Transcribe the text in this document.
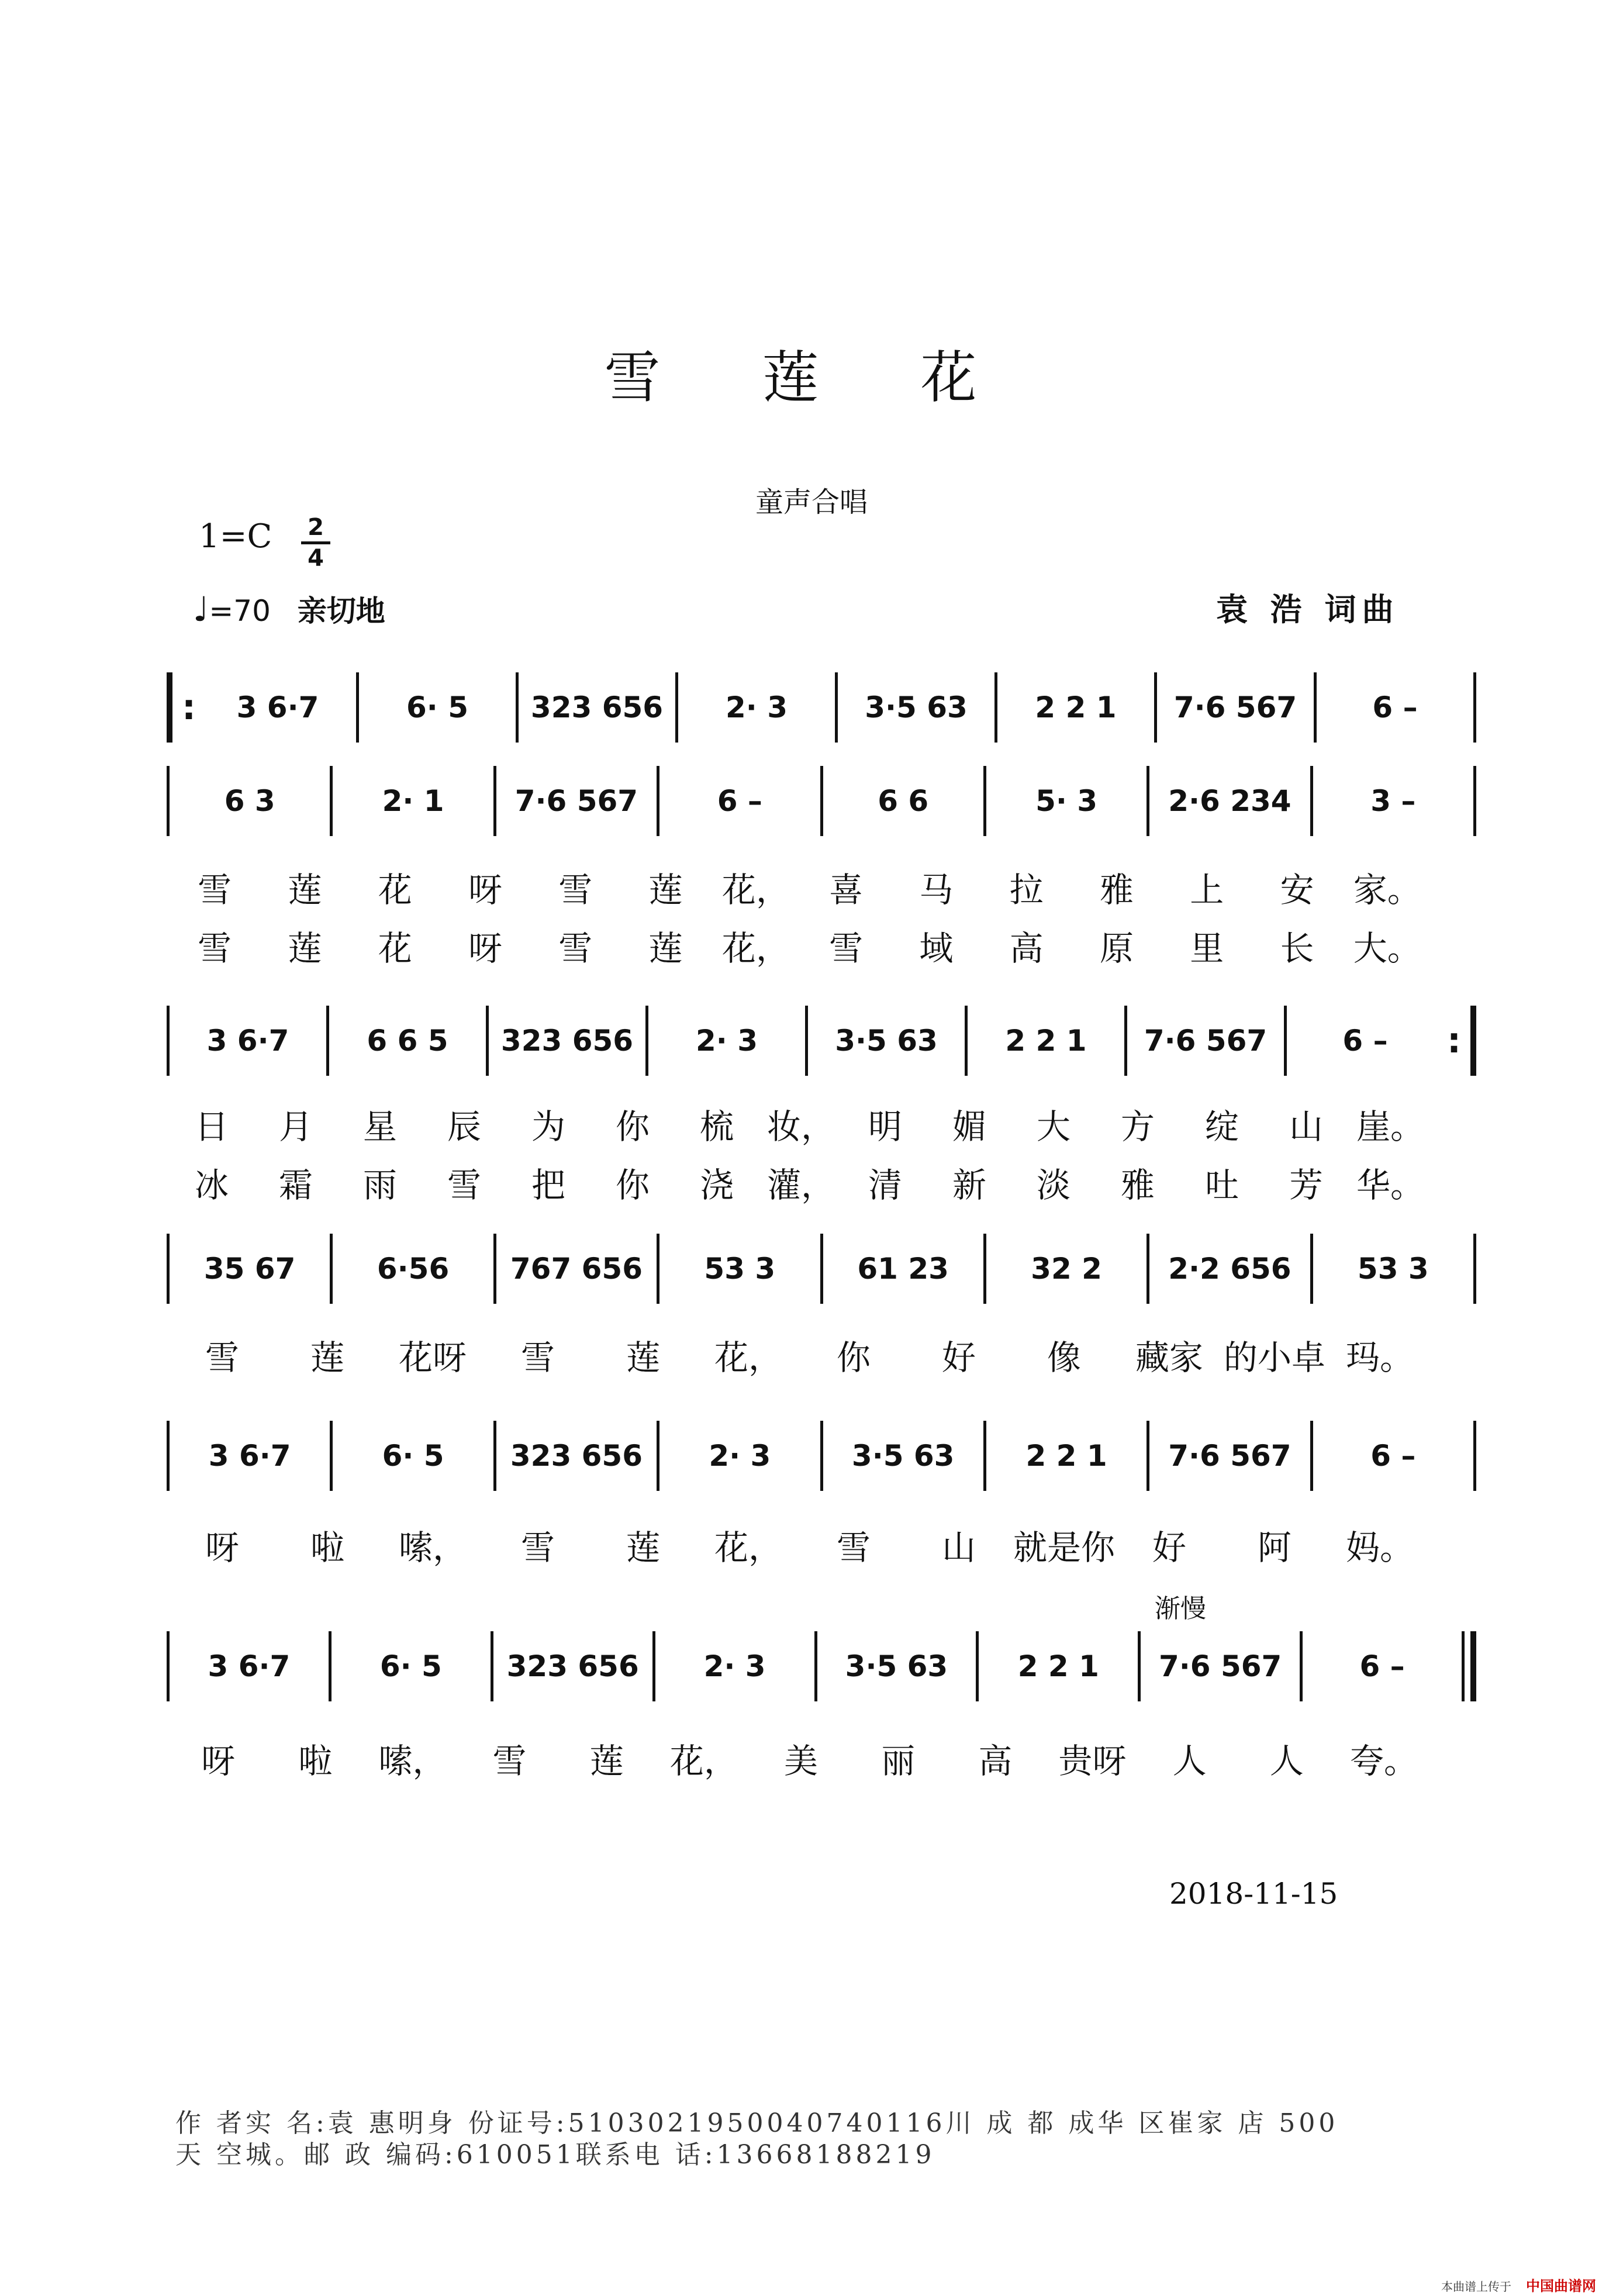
雪 莲 花
童声合唱
1=C 2
4
♩=70 亲切地	袁 浩 词曲
:	3 6·7	6· 5	323 656	2· 3	3·5 63	2 2 1	7·6 567	6 –
6 3	2· 1	7·6 567	6 –	6 6	5· 3	2·6 234	3 –
雪	莲	花	呀	雪	莲	花，	喜	马	拉	雅	上	安	家。
雪	莲	花	呀	雪	莲	花，	雪	域	高	原	里	长	大。
3 6·7	6 6 5	323 656	2· 3	3·5 63	2 2 1	7·6 567	6 –	:
日	月	星	辰	为	你	梳 妆， 明	媚	大	方	绽	山 崖。
冰	霜	雨	雪	把	你	浇 灌， 清	新	淡	雅	吐	芳 华。
35 67	6·56	767 656	53 3	61 23	32 2	2·2 656	53 3
雪	莲	花呀	雪	莲	花，	你	好	像	藏家 的小卓 玛。
3 6·7	6· 5	323 656	2· 3	3·5 63	2 2 1	7·6 567	6 –
呀	啦	嗦，	雪	莲	花，	雪	山	就是你	好	阿	妈。
渐慢
3 6·7	6· 5	323 656	2· 3	3·5 63	2 2 1	7·6 567	6 –
呀	啦	嗦，	雪	莲	花，	美	丽	高	贵呀	人	人	夸。
2018-11-15
作 者实 名:袁 惠明身 份证号:5103021950040740116川 成 都 成华 区崔家 店 500
天 空城。邮 政 编码:610051联系电 话:13668188219
本曲谱上传于 中国曲谱网
